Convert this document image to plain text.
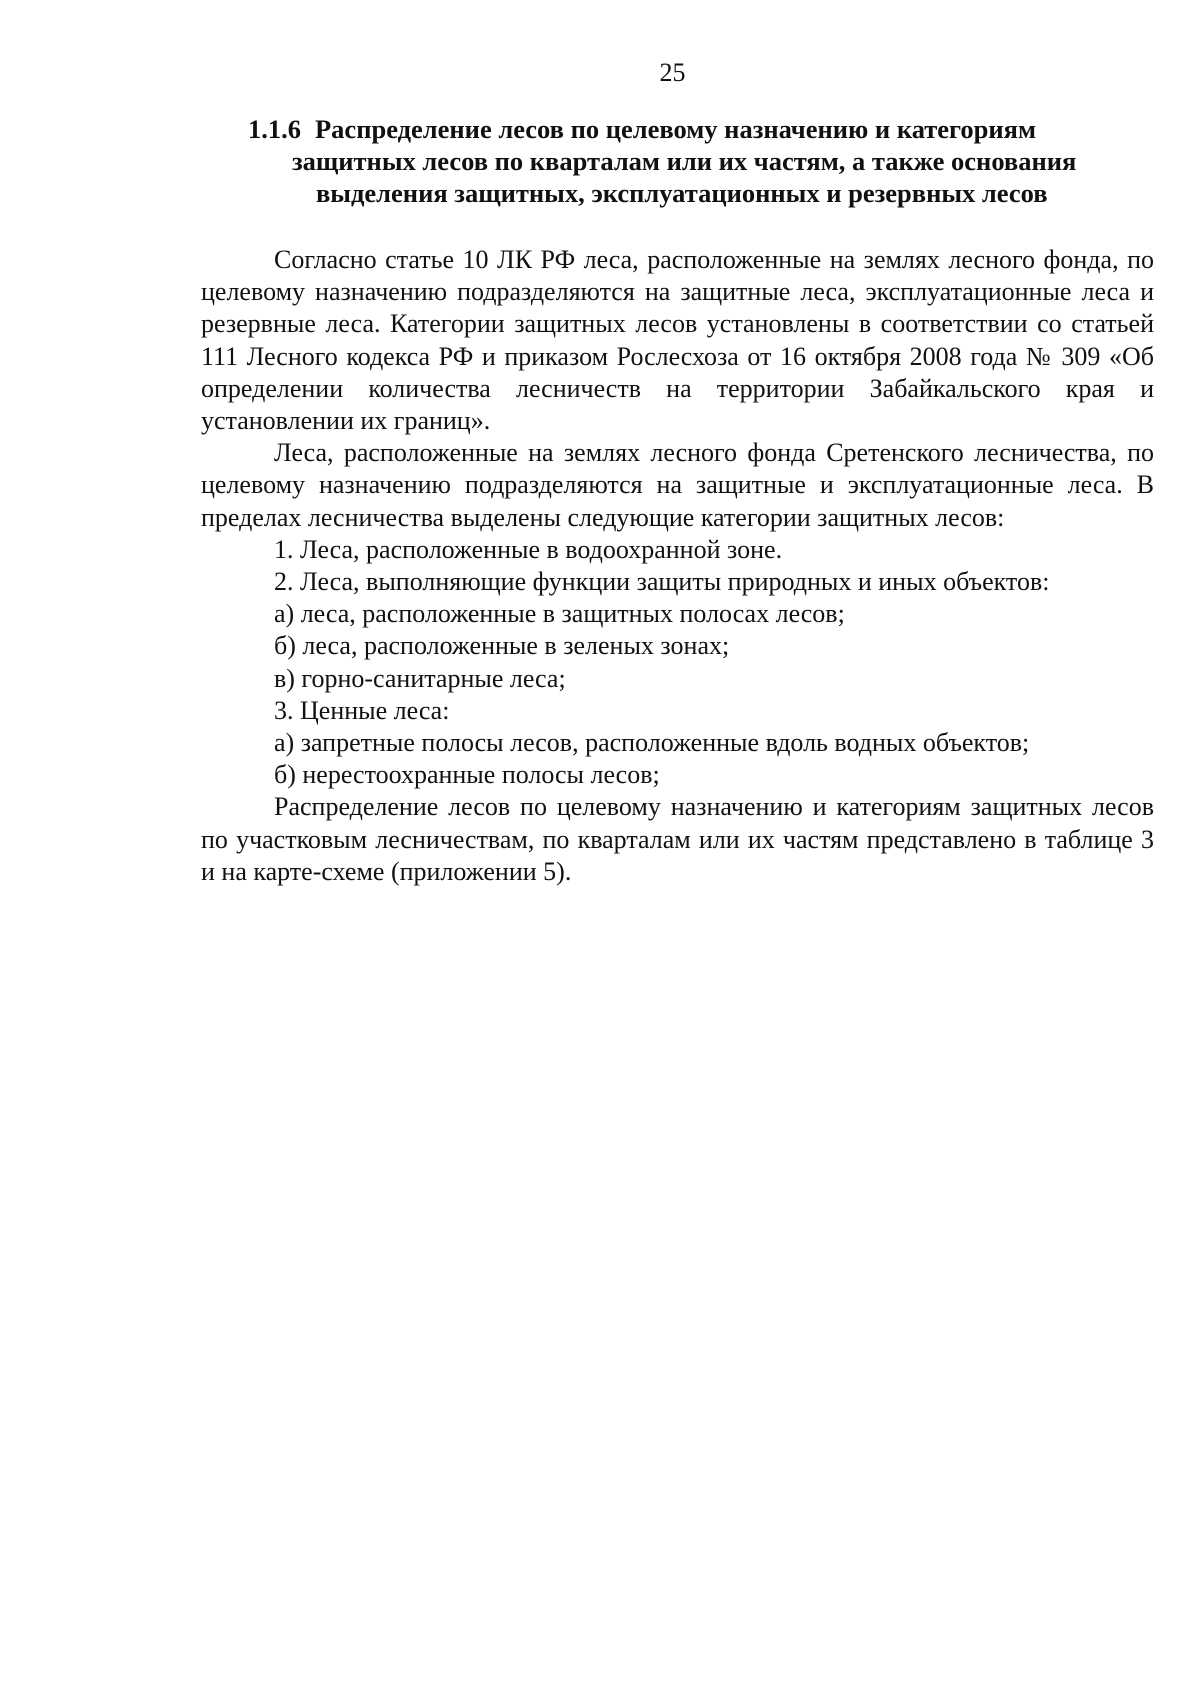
25
1.1.6 Распределение лесов по целевому назначению и категориям
защитных лесов по кварталам или их частям, а также основания
выделения защитных, эксплуатационных и резервных лесов

Согласно статье 10 ЛК РФ леса, расположенные на землях лесного фонда, по целевому назначению подразделяются на защитные леса, эксплуатационные леса и резервные леса. Категории защитных лесов установлены в соответствии со статьей 111 Лесного кодекса РФ и приказом Рослесхоза от 16 октября 2008 года № 309 «Об определении количества лесничеств на территории Забайкальского края и установлении их границ».

Леса, расположенные на землях лесного фонда Сретенского лесничества, по целевому назначению подразделяются на защитные и эксплуатационные леса. В пределах лесничества выделены следующие категории защитных лесов:

1. Леса, расположенные в водоохранной зоне.
2. Леса, выполняющие функции защиты природных и иных объектов:
а) леса, расположенные в защитных полосах лесов;
б) леса, расположенные в зеленых зонах;
в) горно-санитарные леса;
3. Ценные леса:
а) запретные полосы лесов, расположенные вдоль водных объектов;
б) нерестоохранные полосы лесов;

Распределение лесов по целевому назначению и категориям защитных лесов по участковым лесничествам, по кварталам или их частям представлено в таблице 3 и на карте-схеме (приложении 5).
